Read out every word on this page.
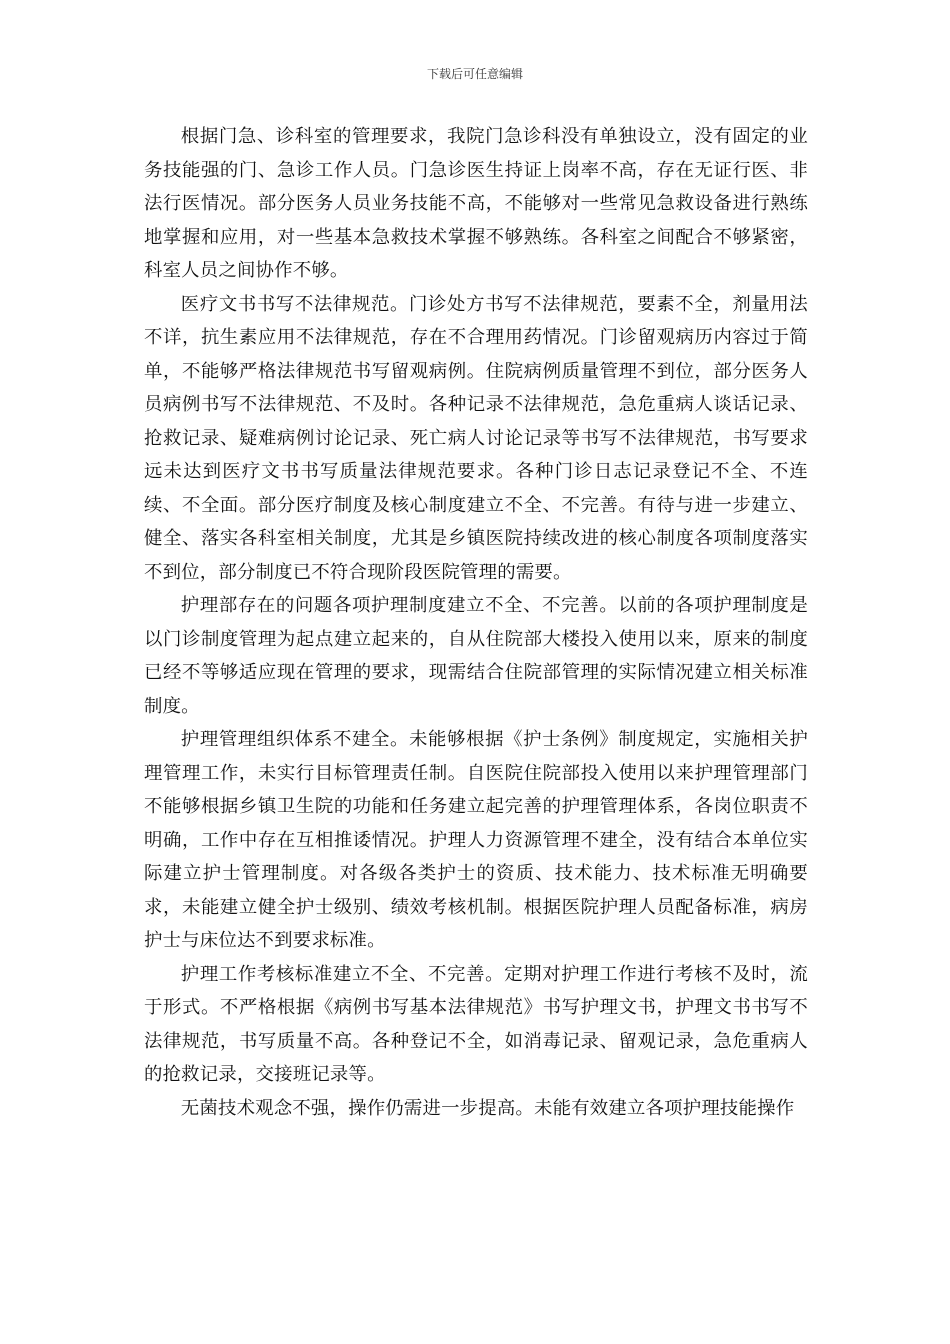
下载后可任意编辑

根据门急、诊科室的管理要求，我院门急诊科没有单独设立，没有固定的业务技能强的门、急诊工作人员。门急诊医生持证上岗率不高，存在无证行医、非法行医情况。部分医务人员业务技能不高，不能够对一些常见急救设备进行熟练地掌握和应用，对一些基本急救技术掌握不够熟练。各科室之间配合不够紧密，科室人员之间协作不够。

医疗文书书写不法律规范。门诊处方书写不法律规范，要素不全，剂量用法不详，抗生素应用不法律规范，存在不合理用药情况。门诊留观病历内容过于简单，不能够严格法律规范书写留观病例。住院病例质量管理不到位，部分医务人员病例书写不法律规范、不及时。各种记录不法律规范，急危重病人谈话记录、抢救记录、疑难病例讨论记录、死亡病人讨论记录等书写不法律规范，书写要求远未达到医疗文书书写质量法律规范要求。各种门诊日志记录登记不全、不连续、不全面。部分医疗制度及核心制度建立不全、不完善。有待与进一步建立、健全、落实各科室相关制度，尤其是乡镇医院持续改进的核心制度各项制度落实不到位，部分制度已不符合现阶段医院管理的需要。

护理部存在的问题各项护理制度建立不全、不完善。以前的各项护理制度是以门诊制度管理为起点建立起来的，自从住院部大楼投入使用以来，原来的制度已经不等够适应现在管理的要求，现需结合住院部管理的实际情况建立相关标准制度。

护理管理组织体系不建全。未能够根据《护士条例》制度规定，实施相关护理管理工作，未实行目标管理责任制。自医院住院部投入使用以来护理管理部门不能够根据乡镇卫生院的功能和任务建立起完善的护理管理体系，各岗位职责不明确，工作中存在互相推诿情况。护理人力资源管理不建全，没有结合本单位实际建立护士管理制度。对各级各类护士的资质、技术能力、技术标准无明确要求，未能建立健全护士级别、绩效考核机制。根据医院护理人员配备标准，病房护士与床位达不到要求标准。

护理工作考核标准建立不全、不完善。定期对护理工作进行考核不及时，流于形式。不严格根据《病例书写基本法律规范》书写护理文书，护理文书书写不法律规范，书写质量不高。各种登记不全，如消毒记录、留观记录，急危重病人的抢救记录，交接班记录等。

无菌技术观念不强，操作仍需进一步提高。未能有效建立各项护理技能操作
